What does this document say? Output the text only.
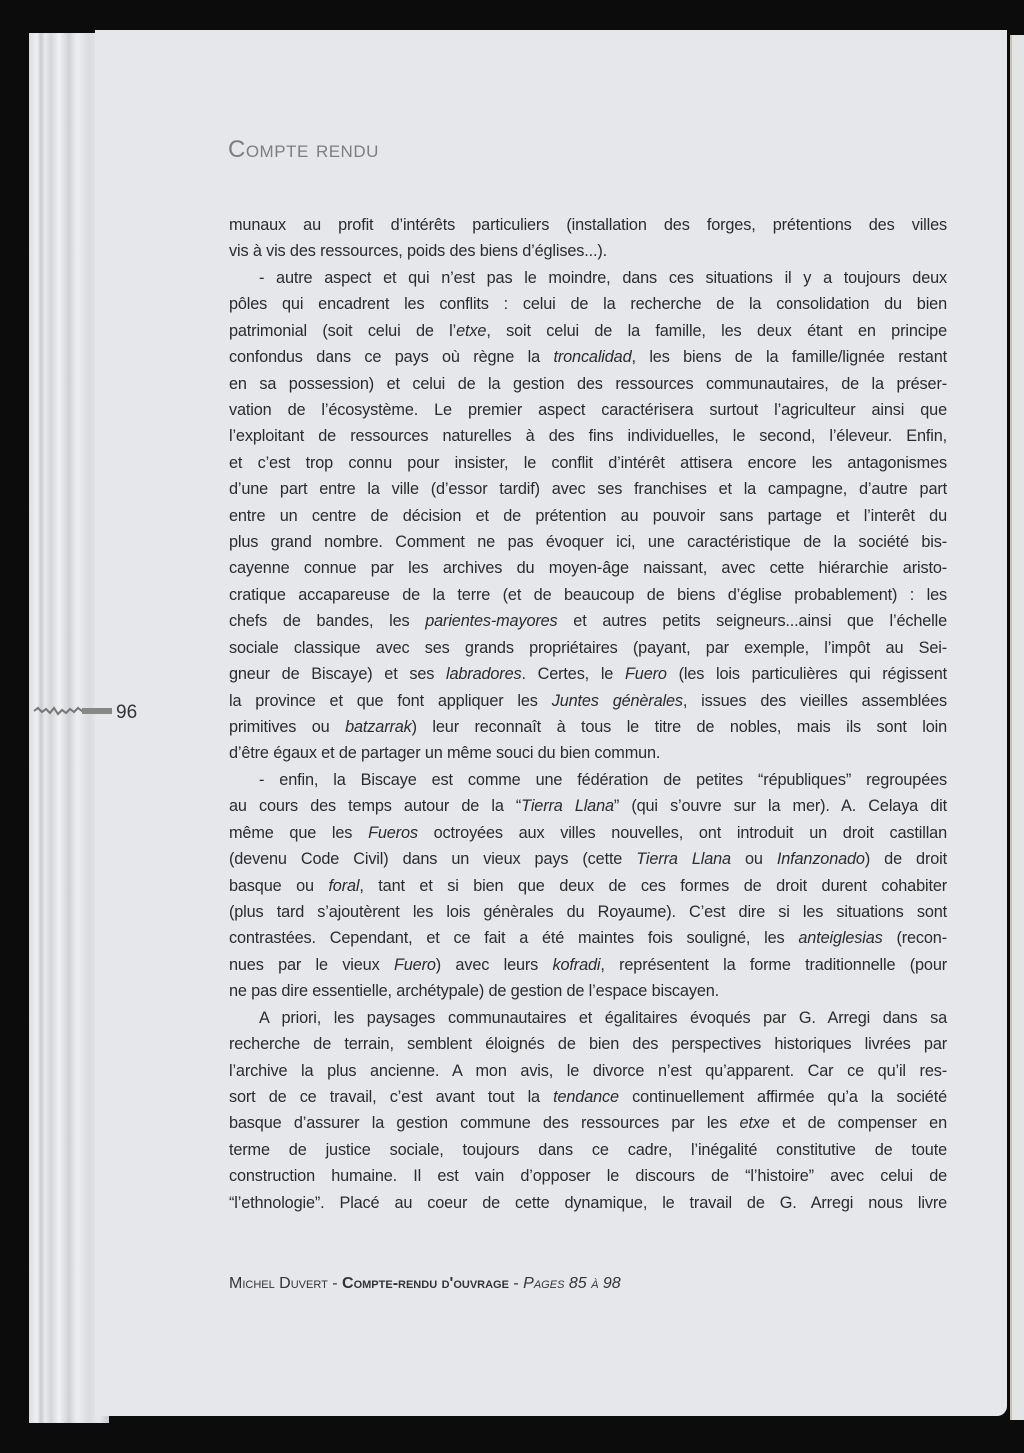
Compte rendu
96
munaux au profit d’intérêts particuliers (installation des forges, prétentions des villes
vis à vis des ressources, poids des biens d’églises...).
- autre aspect et qui n’est pas le moindre, dans ces situations il y a toujours deux
pôles qui encadrent les conflits : celui de la recherche de la consolidation du bien
patrimonial (soit celui de l’etxe, soit celui de la famille, les deux étant en principe
confondus dans ce pays où règne la troncalidad, les biens de la famille/lignée restant
en sa possession) et celui de la gestion des ressources communautaires, de la préser-
vation de l’écosystème. Le premier aspect caractérisera surtout l’agriculteur ainsi que
l’exploitant de ressources naturelles à des fins individuelles, le second, l’éleveur. Enfin,
et c’est trop connu pour insister, le conflit d’intérêt attisera encore les antagonismes
d’une part entre la ville (d’essor tardif) avec ses franchises et la campagne, d’autre part
entre un centre de décision et de prétention au pouvoir sans partage et l’interêt du
plus grand nombre. Comment ne pas évoquer ici, une caractéristique de la société bis-
cayenne connue par les archives du moyen-âge naissant, avec cette hiérarchie aristo-
cratique accapareuse de la terre (et de beaucoup de biens d’église probablement) : les
chefs de bandes, les parientes-mayores et autres petits seigneurs...ainsi que l’échelle
sociale classique avec ses grands propriétaires (payant, par exemple, l’impôt au Sei-
gneur de Biscaye) et ses labradores. Certes, le Fuero (les lois particulières qui régissent
la province et que font appliquer les Juntes génèrales, issues des vieilles assemblées
primitives ou batzarrak) leur reconnaît à tous le titre de nobles, mais ils sont loin
d’être égaux et de partager un même souci du bien commun.
- enfin, la Biscaye est comme une fédération de petites “républiques” regroupées
au cours des temps autour de la “Tierra Llana” (qui s’ouvre sur la mer). A. Celaya dit
même que les Fueros octroyées aux villes nouvelles, ont introduit un droit castillan
(devenu Code Civil) dans un vieux pays (cette Tierra Llana ou Infanzonado) de droit
basque ou foral, tant et si bien que deux de ces formes de droit durent cohabiter
(plus tard s’ajoutèrent les lois génèrales du Royaume). C’est dire si les situations sont
contrastées. Cependant, et ce fait a été maintes fois souligné, les anteiglesias (recon-
nues par le vieux Fuero) avec leurs kofradi, représentent la forme traditionnelle (pour
ne pas dire essentielle, archétypale) de gestion de l’espace biscayen.
A priori, les paysages communautaires et égalitaires évoqués par G. Arregi dans sa
recherche de terrain, semblent éloignés de bien des perspectives historiques livrées par
l’archive la plus ancienne. A mon avis, le divorce n’est qu’apparent. Car ce qu’il res-
sort de ce travail, c’est avant tout la tendance continuellement affirmée qu’a la société
basque d’assurer la gestion commune des ressources par les etxe et de compenser en
terme de justice sociale, toujours dans ce cadre, l’inégalité constitutive de toute
construction humaine. Il est vain d’opposer le discours de “l’histoire” avec celui de
“l’ethnologie”. Placé au coeur de cette dynamique, le travail de G. Arregi nous livre
Michel Duvert - Compte-rendu d'ouvrage - Pages 85 à 98
